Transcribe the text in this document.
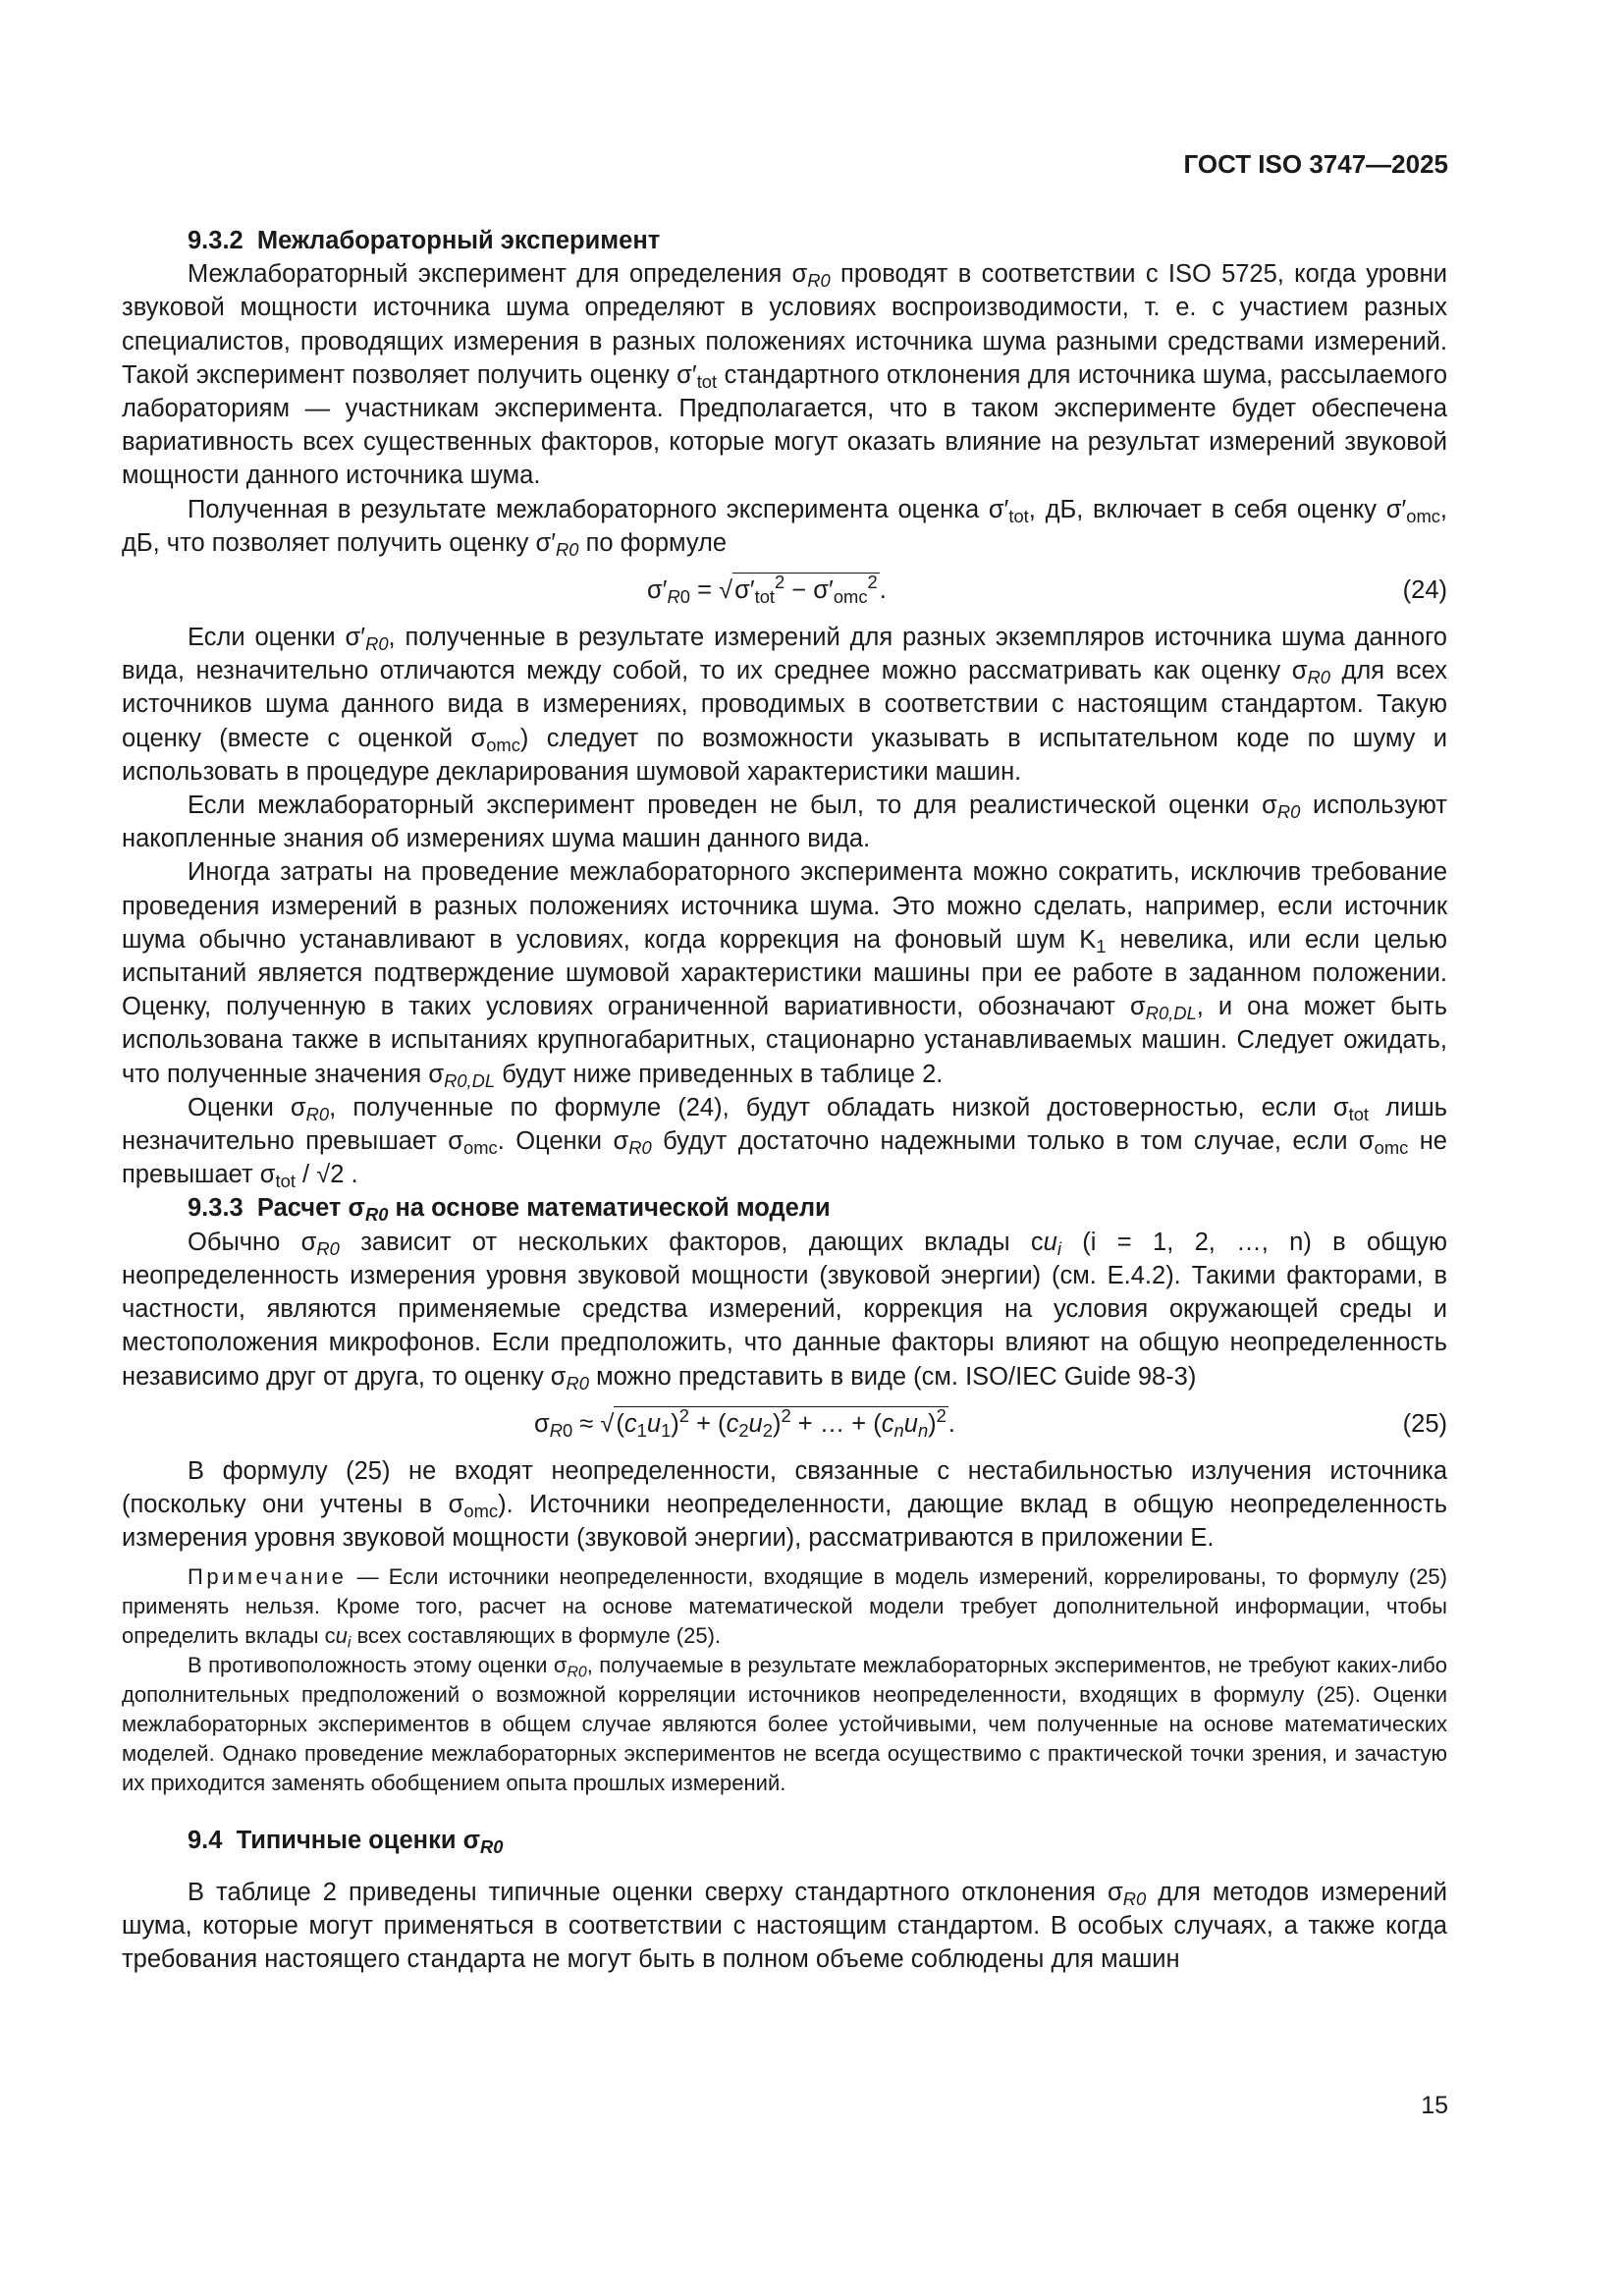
ГОСТ ISO 3747—2025
9.3.2 Межлабораторный эксперимент

Межлабораторный эксперимент для определения $\sigma_{R0}$ проводят в соответствии с ISO 5725, когда уровни звуковой мощности источника шума определяют в условиях воспроизводимости, т. е. с участием разных специалистов, проводящих измерения в разных положениях источника шума разными средствами измерений. Такой эксперимент позволяет получить оценку $\sigma'_{tot}$ стандартного отклонения для источника шума, рассылаемого лабораториям — участникам эксперимента. Предполагается, что в таком эксперименте будет обеспечена вариативность всех существенных факторов, которые могут оказать влияние на результат измерений звуковой мощности данного источника шума.

Полученная в результате межлабораторного эксперимента оценка $\sigma'_{tot}$, дБ, включает в себя оценку $\sigma'_{omc}$, дБ, что позволяет получить оценку $\sigma'_{R0}$ по формуле

$\sigma'_{R0} = √\sigma'_{tot}^2 - \sigma'_{omc}^2$.	(24)

Если оценки $\sigma'_{R0}$, полученные в результате измерений для разных экземпляров источника шума данного вида, незначительно отличаются между собой, то их среднее можно рассматривать как оценку $\sigma_{R0}$ для всех источников шума данного вида в измерениях, проводимых в соответствии с настоящим стандартом. Такую оценку (вместе с оценкой $\sigma_{omc}$) следует по возможности указывать в испытательном коде по шуму и использовать в процедуре декларирования шумовой характеристики машин.

Если межлабораторный эксперимент проведен не был, то для реалистической оценки $\sigma_{R0}$ используют накопленные знания об измерениях шума машин данного вида.

Иногда затраты на проведение межлабораторного эксперимента можно сократить, исключив требование проведения измерений в разных положениях источника шума. Это можно сделать, например, если источник шума обычно устанавливают в условиях, когда коррекция на фоновый шум $K_1$ невелика, или если целью испытаний является подтверждение шумовой характеристики машины при ее работе в заданном положении. Оценку, полученную в таких условиях ограниченной вариативности, обозначают $\sigma_{R0,DL}$, и она может быть использована также в испытаниях крупногабаритных, стационарно устанавливаемых машин. Следует ожидать, что полученные значения $\sigma_{R0,DL}$ будут ниже приведенных в таблице 2.

Оценки $\sigma_{R0}$, полученные по формуле (24), будут обладать низкой достоверностью, если $\sigma_{tot}$ лишь незначительно превышает $\sigma_{omc}$. Оценки $\sigma_{R0}$ будут достаточно надежными только в том случае, если $\sigma_{omc}$ не превышает $\sigma_{tot} / √2$ .

9.3.3 Расчет $\sigma_{R0}$ на основе математической модели

Обычно $\sigma_{R0}$ зависит от нескольких факторов, дающих вклады $cu_i$ (i = 1, 2, …, n) в общую неопределенность измерения уровня звуковой мощности (звуковой энергии) (см. Е.4.2). Такими факторами, в частности, являются применяемые средства измерений, коррекция на условия окружающей среды и местоположения микрофонов. Если предположить, что данные факторы влияют на общую неопределенность независимо друг от друга, то оценку $\sigma_{R0}$ можно представить в виде (см. ISO/IEC Guide 98-3)

$\sigma_{R0} \approx √(c_1u_1)^2 + (c_2u_2)^2$ + … + $(c_nu_n)^2$.	(25)

В формулу (25) не входят неопределенности, связанные с нестабильностью излучения источника (поскольку они учтены в $\sigma_{omc}$). Источники неопределенности, дающие вклад в общую неопределенность измерения уровня звуковой мощности (звуковой энергии), рассматриваются в приложении Е.

Примечание — Если источники неопределенности, входящие в модель измерений, коррелированы, то формулу (25) применять нельзя. Кроме того, расчет на основе математической модели требует дополнительной информации, чтобы определить вклады $cu_i$ всех составляющих в формуле (25).

В противоположность этому оценки $\sigma_{R0}$, получаемые в результате межлабораторных экспериментов, не требуют каких-либо дополнительных предположений о возможной корреляции источников неопределенности, входящих в формулу (25). Оценки межлабораторных экспериментов в общем случае являются более устойчивыми, чем полученные на основе математических моделей. Однако проведение межлабораторных экспериментов не всегда осуществимо с практической точки зрения, и зачастую их приходится заменять обобщением опыта прошлых измерений.

9.4 Типичные оценки $\sigma_{R0}$

В таблице 2 приведены типичные оценки сверху стандартного отклонения $\sigma_{R0}$ для методов измерений шума, которые могут применяться в соответствии с настоящим стандартом. В особых случаях, а также когда требования настоящего стандарта не могут быть в полном объеме соблюдены для машин

15
